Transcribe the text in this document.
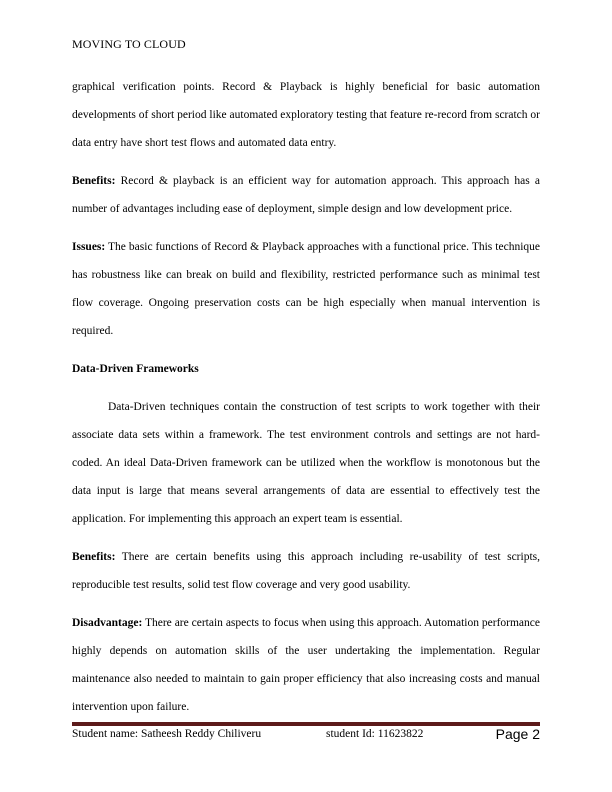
MOVING TO CLOUD

graphical verification points. Record & Playback is highly beneficial for basic automation developments of short period like automated exploratory testing that feature re-record from scratch or data entry have short test flows and automated data entry.

Benefits: Record & playback is an efficient way for automation approach. This approach has a number of advantages including ease of deployment, simple design and low development price.

Issues: The basic functions of Record & Playback approaches with a functional price. This technique has robustness like can break on build and flexibility, restricted performance such as minimal test flow coverage. Ongoing preservation costs can be high especially when manual intervention is required.

Data-Driven Frameworks

Data-Driven techniques contain the construction of test scripts to work together with their associate data sets within a framework. The test environment controls and settings are not hard-coded. An ideal Data-Driven framework can be utilized when the workflow is monotonous but the data input is large that means several arrangements of data are essential to effectively test the application. For implementing this approach an expert team is essential.

Benefits: There are certain benefits using this approach including re-usability of test scripts, reproducible test results, solid test flow coverage and very good usability.

Disadvantage: There are certain aspects to focus when using this approach. Automation performance highly depends on automation skills of the user undertaking the implementation. Regular maintenance also needed to maintain to gain proper efficiency that also increasing costs and manual intervention upon failure.

Student name: Satheesh Reddy Chiliveru	student Id: 11623822	Page 2
